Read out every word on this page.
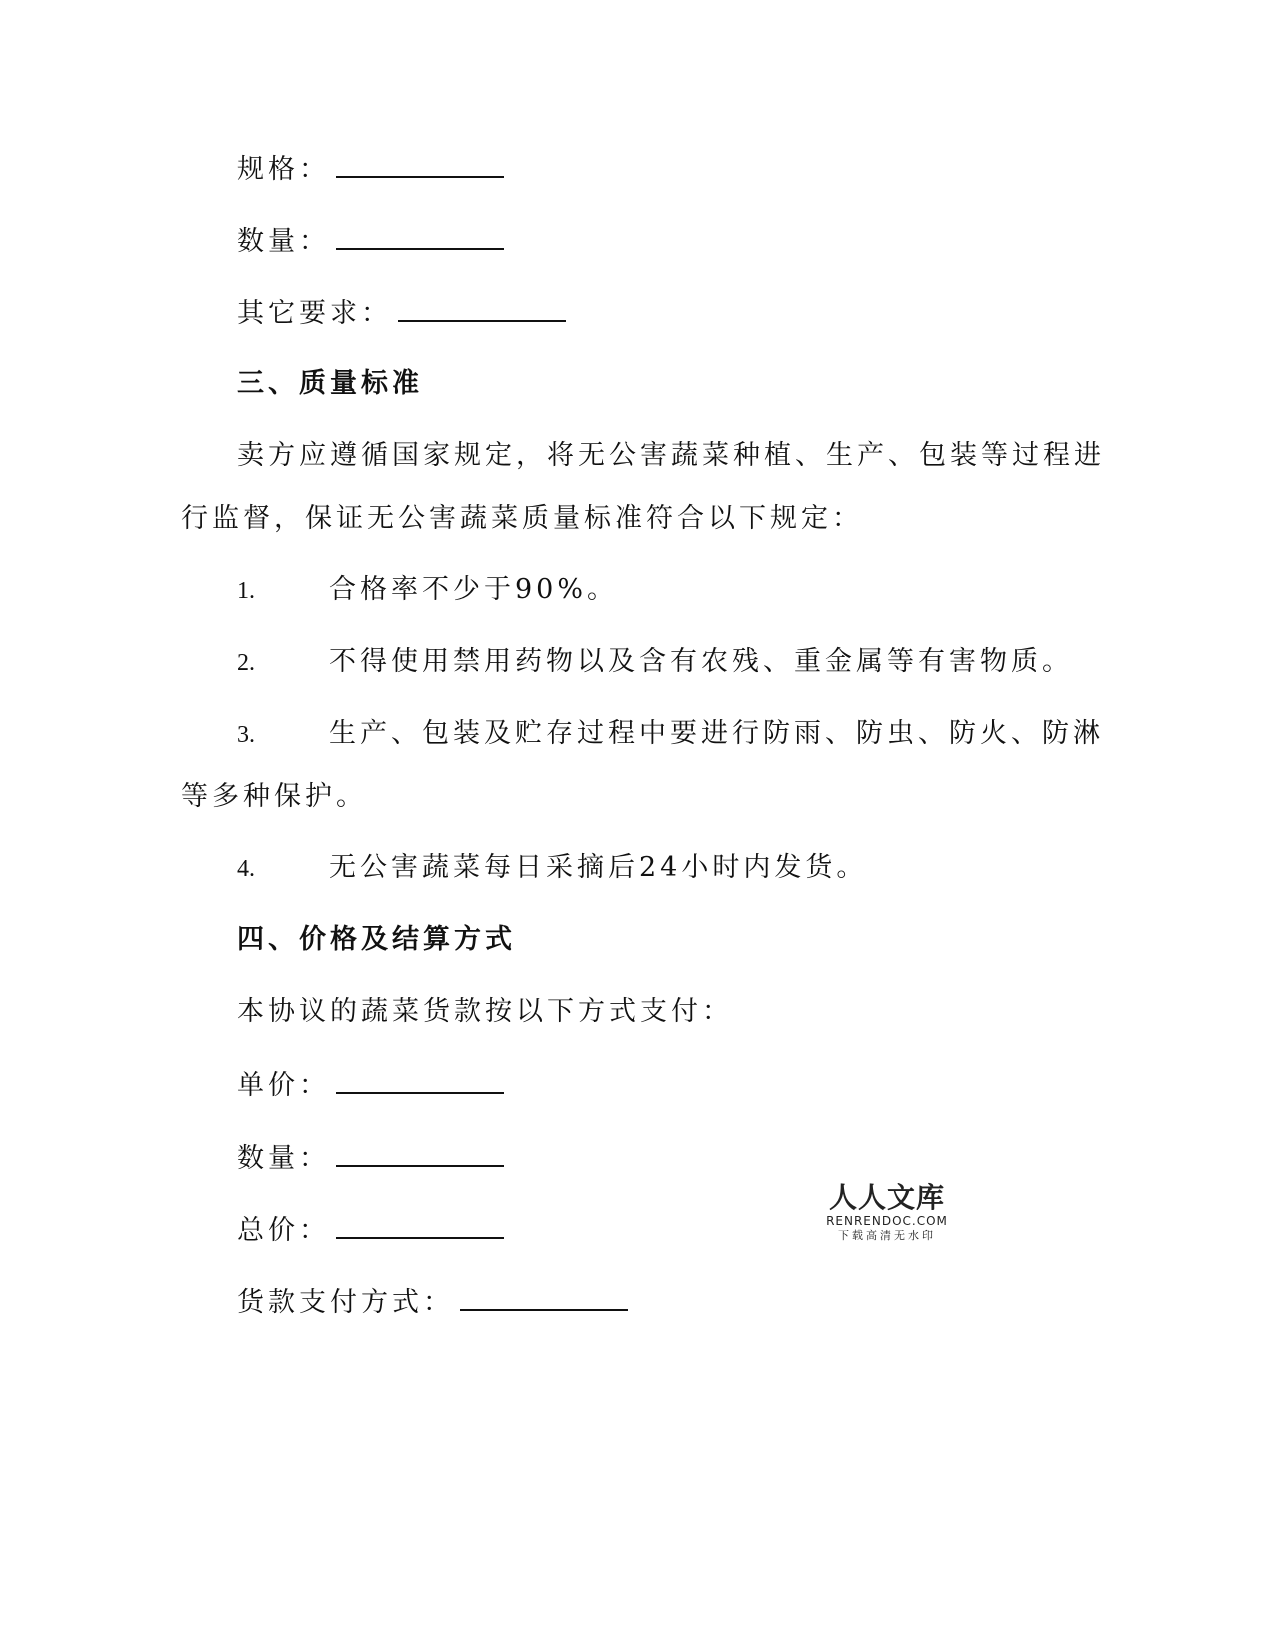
规格：
数量：
其它要求：
三、质量标准
卖方应遵循国家规定，将无公害蔬菜种植、生产、包装等过程进
行监督，保证无公害蔬菜质量标准符合以下规定：
1.	合格率不少于90%。
2.	不得使用禁用药物以及含有农残、重金属等有害物质。
3.	生产、包装及贮存过程中要进行防雨、防虫、防火、防淋
等多种保护。
4.	无公害蔬菜每日采摘后24小时内发货。
四、价格及结算方式
本协议的蔬菜货款按以下方式支付：
单价：
数量：
总价：
货款支付方式：
人人文库
RENRENDOC.COM
下载高清无水印
